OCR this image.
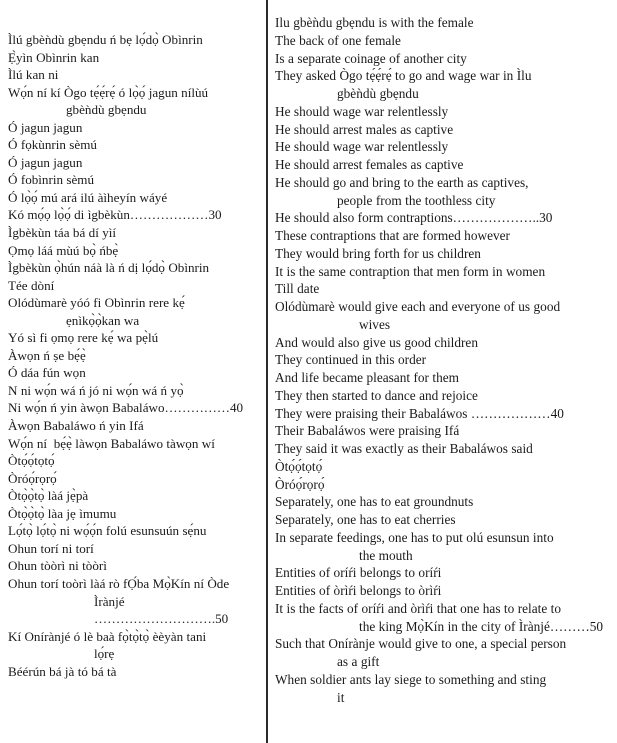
Ìlú gbèǹdù gbẹndu ń bẹ lọ́dọ̀ Obìnrin
Ẹ̀yìn Obìnrin kan
Ìlú kan ni
Wọ́n ní kí Ògo tẹ́ẹ́rẹ́ ó lọ̀ọ́ jagun nílùú
gbèǹdù gbẹndu
Ó jagun jagun
Ó fọkùnrin sèmú
Ó jagun jagun
Ó fobìnrin sèmú
Ó lọ̀ọ́ mú ará ilú àìheyín wáyé
Kó mọ́ọ lọ̀ọ́ di ìgbèkùn………………30
Ìgbèkùn táa bá dí yìí
Ọmọ láá mùú bọ̀ ńbẹ̀
Ìgbèkùn ọ̀hún náà là ń dị lọ́dọ̀ Obìnrin
Tée dòní
Olódùmarè yóó fi Obìnrin rere kẹ́
ẹnìkọ̀ọ̀kan wa
Yó sì fi ọmọ rere kẹ́ wa pẹ̀lú
Àwọn ń ṣe bẹ́ẹ̀
Ó dáa fún wọn
N ni wọ́n wá ń jó ni wọ́n wá ń yọ̀
Ni wọ́n ń yin àwọn Babaláwo……………40
Àwọn Babaláwo ń yin Ifá
Wọ́n ní  bẹ́ẹ̀ làwọn Babaláwo tàwọn wí
Òtọ́ọ́tọtọ́
Òróọ́rọrọ́
Òtọ̀ọ̀tọ̀ làá jẹ̀pà
Òtọ̀ọ̀tọ̀ làa jẹ ìmumu
Lọ́tọ̀ lọ́tọ̀ ni wọ́ọ́n folú esunsuún sẹ́nu
Ohun torí ni torí
Ohun tòòrì ni tòòrì
Ohun torí toòrì làá rò fỌ́ba Mọ̀Kín ní Òde
Ìrànjé ……………………….50
Kí Onírànjé ó lè baà fọ̀tọ̀tọ̀ èèyàn tani
lọ́rẹ
Béérún bá jà tó bá tà
Ilu gbèǹdu gbẹndu is with the female
The back of one female
Is a separate coinage of another city
They asked Ògo tẹ́ẹ́rẹ́ to go and wage war in Ìlu
gbèǹdù gbẹndu
He should wage war relentlessly
He should arrest males as captive
He should wage war relentlessly
He should arrest females as captive
He should go and bring to the earth as captives,
people from the toothless city
He should also form contraptions………………..30
These contraptions that are formed however
They would bring forth for us children
It is the same contraption that men form in women
Till date
Olódùmarè would give each and everyone of us good
wives
And would also give us good children
They continued in this order
And life became pleasant for them
They then started to dance and rejoice
They were praising their Babaláwos ………………40
Their Babaláwos were praising Ifá
They said it was exactly as their Babaláwos said
Òtọ́ọ́tọtọ́
Òróọ́rọrọ́
Separately, one has to eat groundnuts
Separately, one has to eat cherries
In separate feedings, one has to put olú esunsun into
the mouth
Entities of oríŕi belongs to oríŕi
Entities of òrìŕi belongs to òrìŕi
It is the facts of oríŕi and òrìŕi that one has to relate to
the king Mọ̀Kín in the city of Ìrànjé………50
Such that Onírànje would give to one, a special person
as a gift
When soldier ants lay siege to something and sting
it
